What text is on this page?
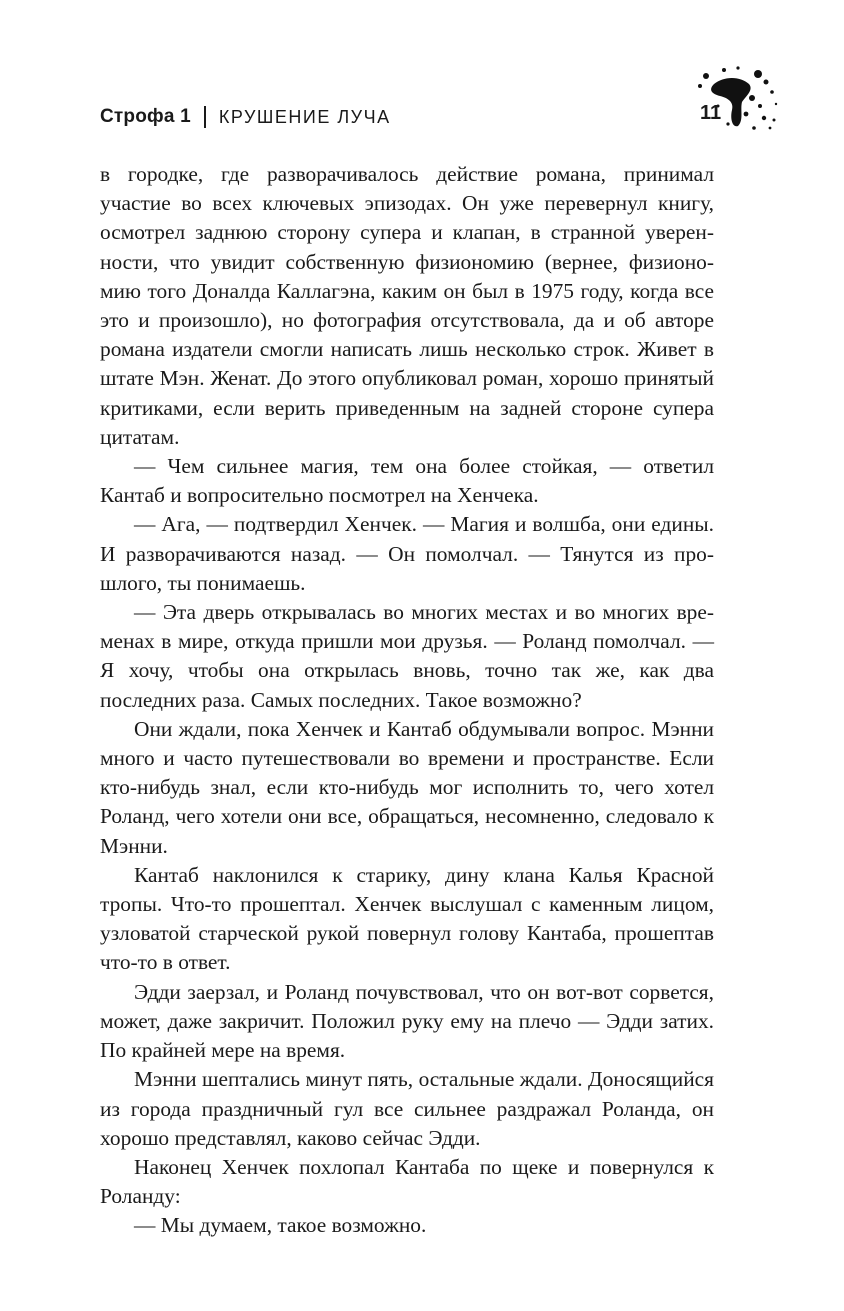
Строфа 1 КРУШЕНИЕ ЛУЧА	11

в городке, где разворачивалось действие романа, принимал участие во всех ключевых эпизодах. Он уже перевернул книгу, осмотрел заднюю сторону супера и клапан, в странной уверенности, что увидит собственную физиономию (вернее, физиономию того Доналда Каллагэна, каким он был в 1975 году, когда все это и произошло), но фотография отсутствовала, да и об авторе романа издатели смогли написать лишь несколько строк. Живет в штате Мэн. Женат. До этого опубликовал роман, хорошо принятый критиками, если верить приведенным на задней стороне супера цитатам.

— Чем сильнее магия, тем она более стойкая, — ответил Кантаб и вопросительно посмотрел на Хенчека.

— Ага, — подтвердил Хенчек. — Магия и волшба, они едины. И разворачиваются назад. — Он помолчал. — Тянутся из прошлого, ты понимаешь.

— Эта дверь открывалась во многих местах и во многих временах в мире, откуда пришли мои друзья. — Роланд помолчал. — Я хочу, чтобы она открылась вновь, точно так же, как два последних раза. Самых последних. Такое возможно?

Они ждали, пока Хенчек и Кантаб обдумывали вопрос. Мэнни много и часто путешествовали во времени и пространстве. Если кто-нибудь знал, если кто-нибудь мог исполнить то, чего хотел Роланд, чего хотели они все, обращаться, несомненно, следовало к Мэнни.

Кантаб наклонился к старику, дину клана Калья Красной тропы. Что-то прошептал. Хенчек выслушал с каменным лицом, узловатой старческой рукой повернул голову Кантаба, прошептав что-то в ответ.

Эдди заерзал, и Роланд почувствовал, что он вот-вот сорвется, может, даже закричит. Положил руку ему на плечо — Эдди затих. По крайней мере на время.

Мэнни шептались минут пять, остальные ждали. Доносящийся из города праздничный гул все сильнее раздражал Роланда, он хорошо представлял, каково сейчас Эдди.

Наконец Хенчек похлопал Кантаба по щеке и повернулся к Роланду:

— Мы думаем, такое возможно.
